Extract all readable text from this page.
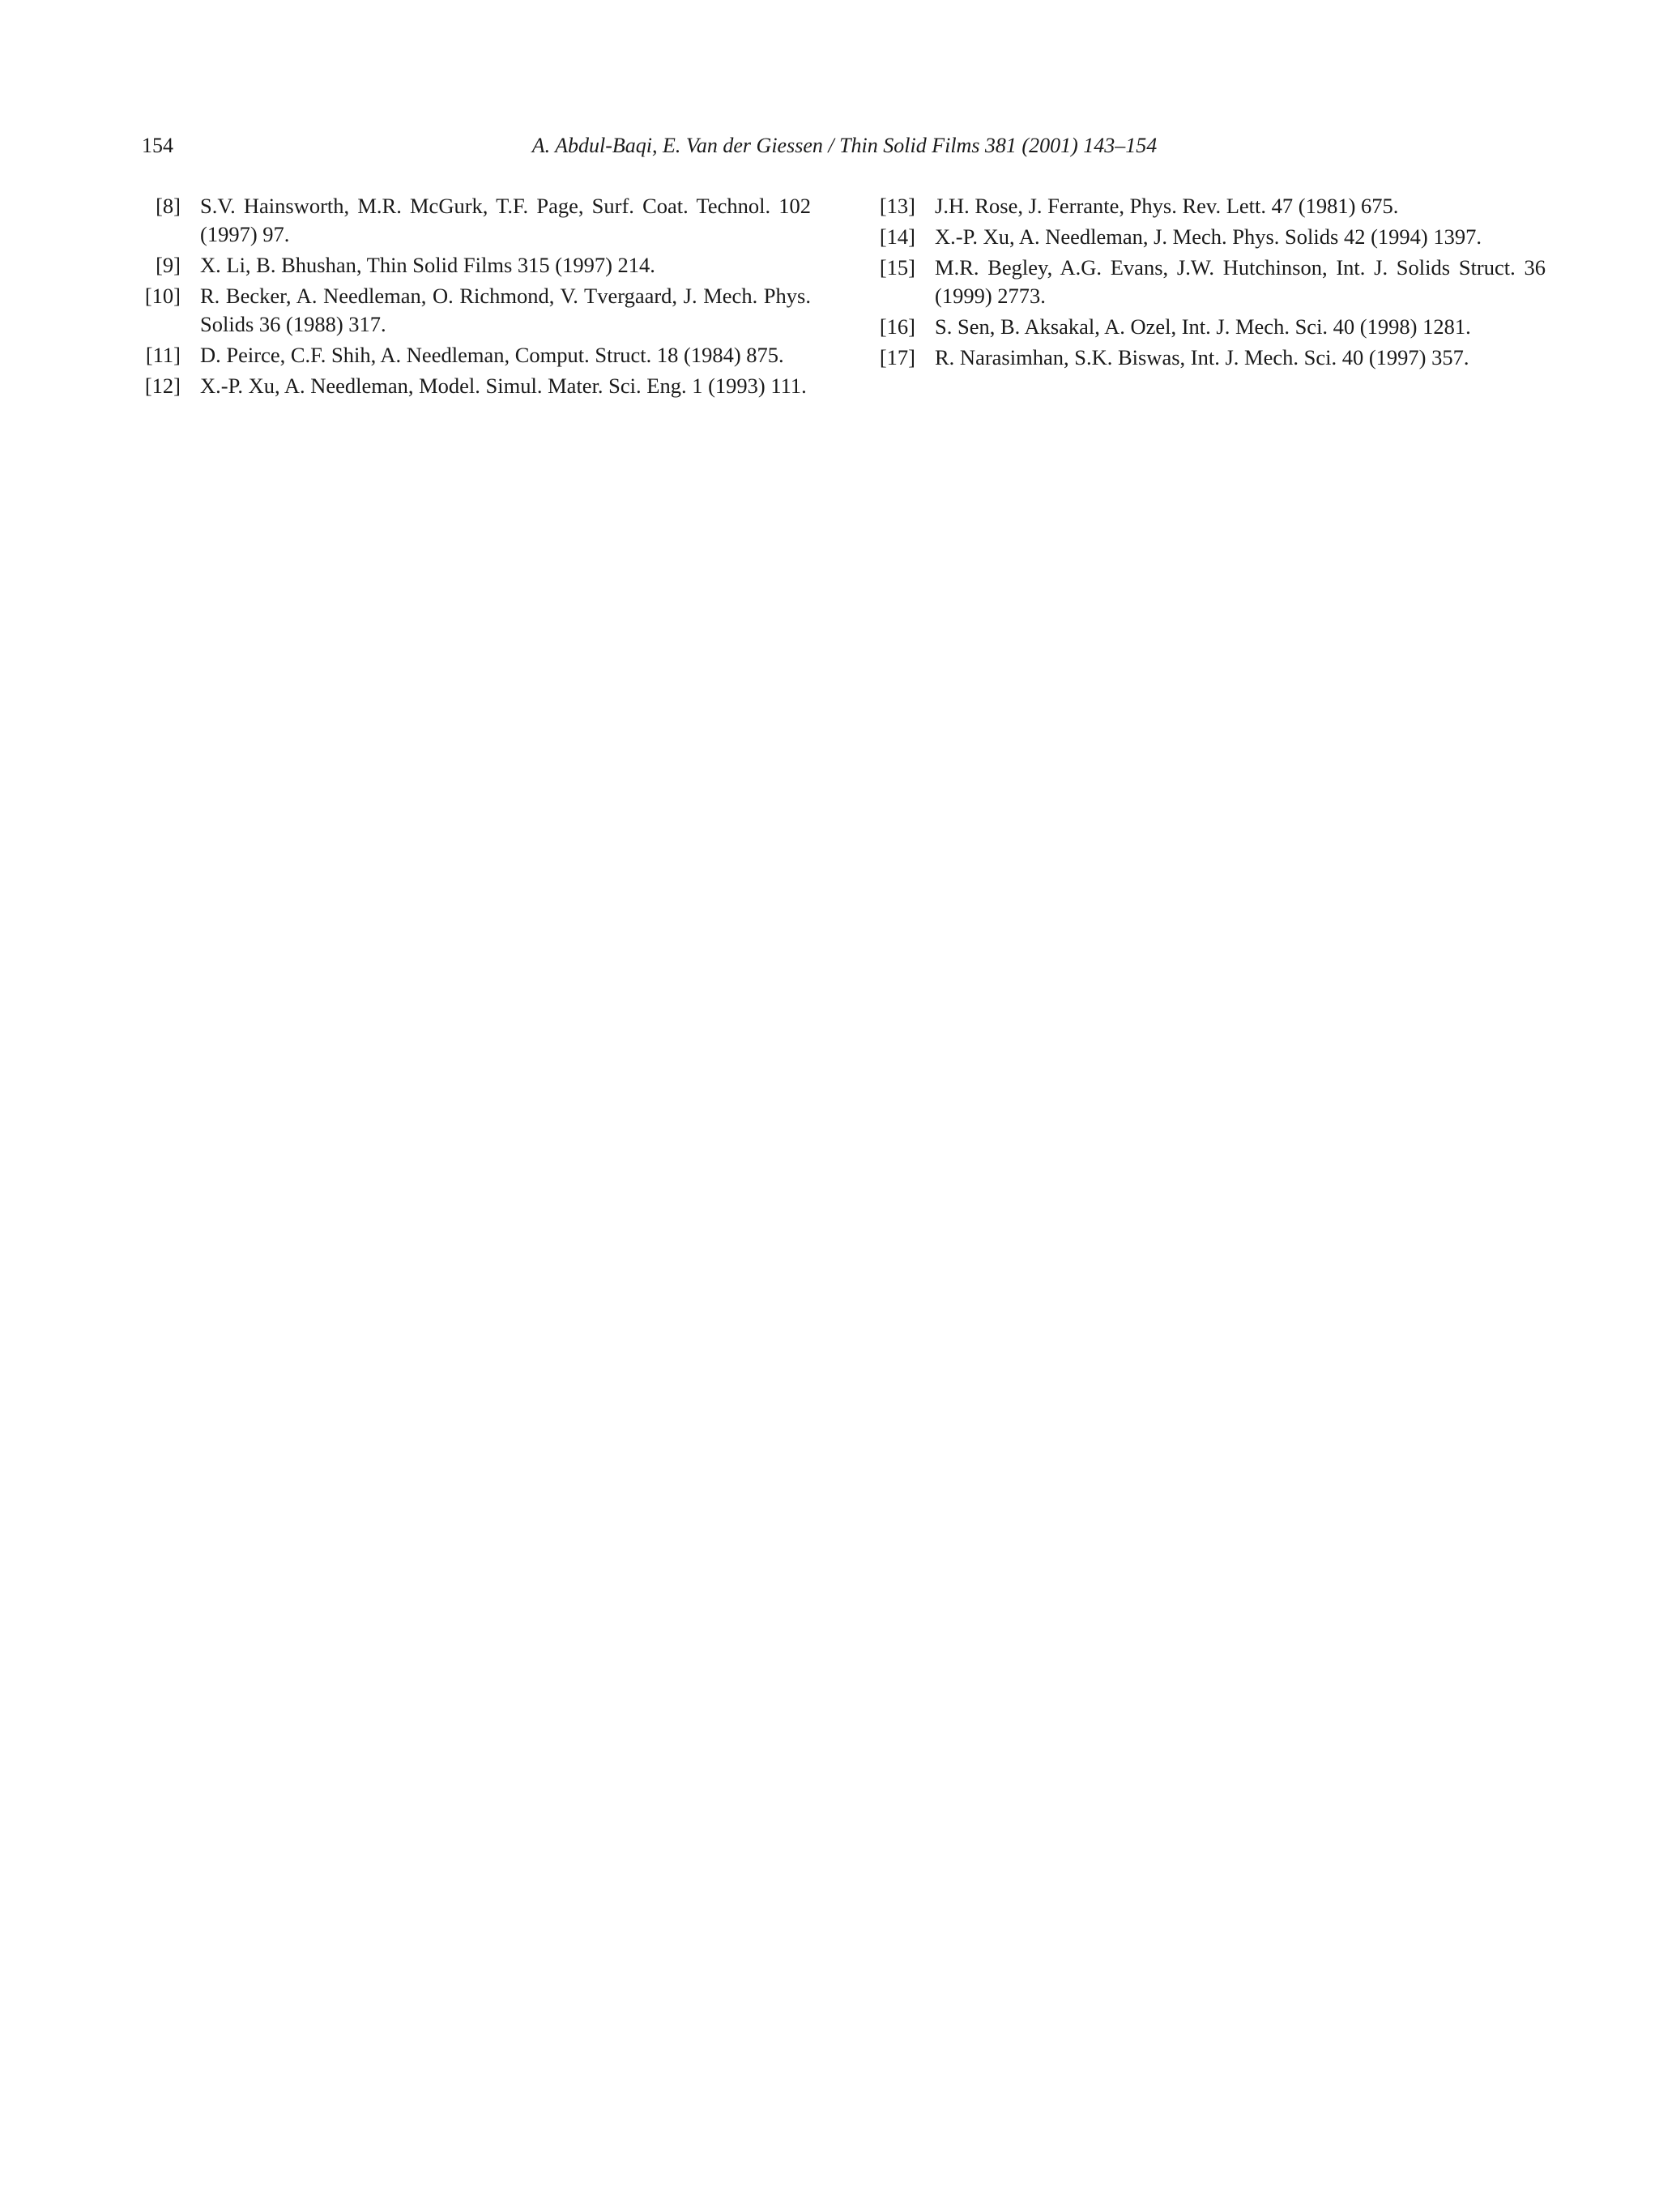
154	A. Abdul-Baqi, E. Van der Giessen / Thin Solid Films 381 (2001) 143–154
[8] S.V. Hainsworth, M.R. McGurk, T.F. Page, Surf. Coat. Technol. 102 (1997) 97.
[9] X. Li, B. Bhushan, Thin Solid Films 315 (1997) 214.
[10] R. Becker, A. Needleman, O. Richmond, V. Tvergaard, J. Mech. Phys. Solids 36 (1988) 317.
[11] D. Peirce, C.F. Shih, A. Needleman, Comput. Struct. 18 (1984) 875.
[12] X.-P. Xu, A. Needleman, Model. Simul. Mater. Sci. Eng. 1 (1993) 111.
[13] J.H. Rose, J. Ferrante, Phys. Rev. Lett. 47 (1981) 675.
[14] X.-P. Xu, A. Needleman, J. Mech. Phys. Solids 42 (1994) 1397.
[15] M.R. Begley, A.G. Evans, J.W. Hutchinson, Int. J. Solids Struct. 36 (1999) 2773.
[16] S. Sen, B. Aksakal, A. Ozel, Int. J. Mech. Sci. 40 (1998) 1281.
[17] R. Narasimhan, S.K. Biswas, Int. J. Mech. Sci. 40 (1997) 357.
